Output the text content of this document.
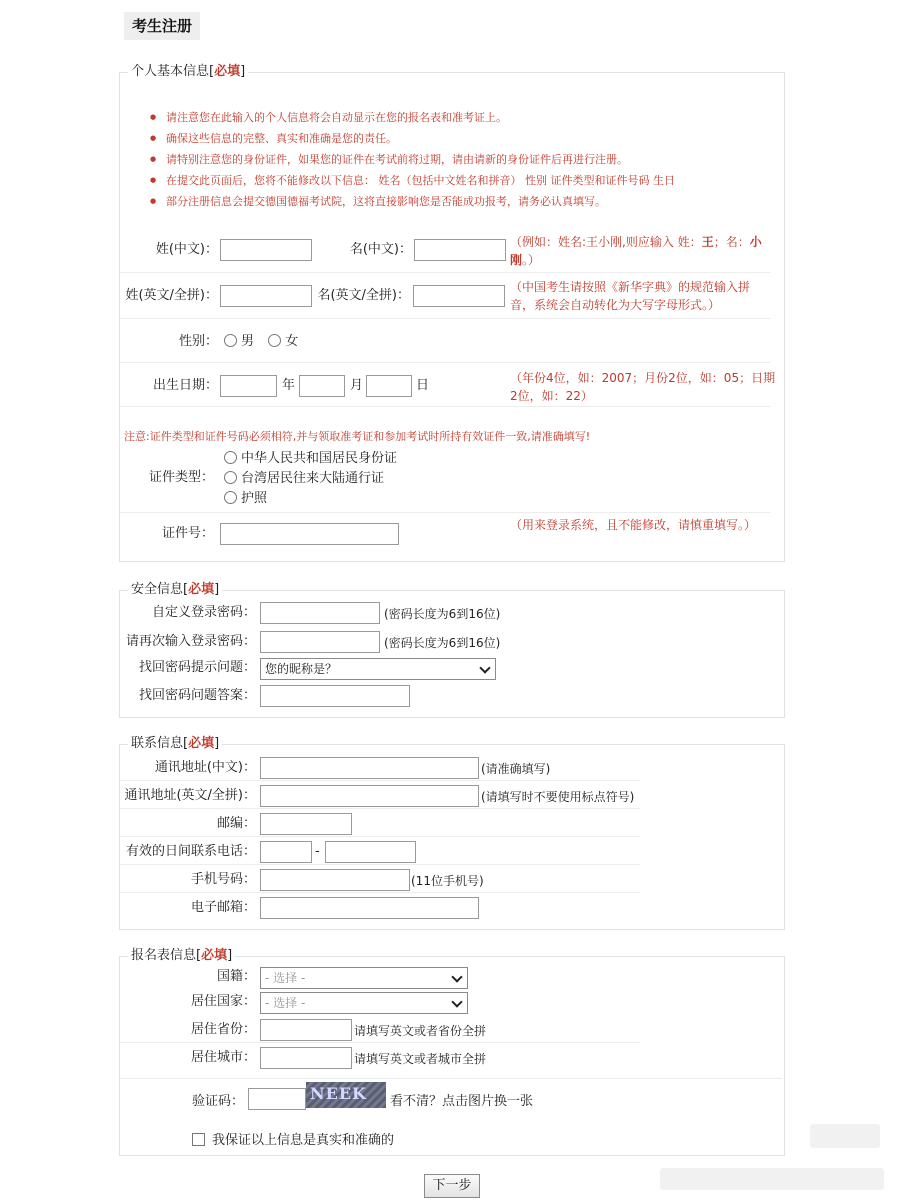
考生注册
个人基本信息[必填]
● 请注意您在此输入的个人信息将会自动显示在您的报名表和准考证上。
● 确保这些信息的完整、真实和准确是您的责任。
● 请特别注意您的身份证件，如果您的证件在考试前将过期，请由请新的身份证件后再进行注册。
● 在提交此页面后，您将不能修改以下信息： 姓名（包括中文姓名和拼音） 性别 证件类型和证件号码 生日
● 部分注册信息会提交德国德福考试院，这将直接影响您是否能成功报考，请务必认真填写。
姓(中文)：	名(中文)：	（例如：姓名:王小刚,则应输入 姓：王；名：小刚。）
姓(英文/全拼)：	名(英文/全拼)：
（中国考生请按照《新华字典》的规范输入拼音，系统会自动转化为大写字母形式。）
性别：	男 女
出生日期：	年	月	日	（年份4位，如：2007；月份2位，如：05；日期2位，如：22）
注意:证件类型和证件号码必须相符,并与领取准考证和参加考试时所持有效证件一致,请准确填写!
证件类型：
中华人民共和国居民身份证
台湾居民往来大陆通行证
护照
证件号：
（用来登录系统，且不能修改，请慎重填写。）
安全信息[必填]
自定义登录密码：	(密码长度为6到16位)
请再次输入登录密码：	(密码长度为6到16位)
找回密码提示问题： 您的昵称是？
找回密码问题答案：
联系信息[必填]
通讯地址(中文)：	(请准确填写)
通讯地址(英文/全拼)：	(请填写时不要使用标点符号)
邮编：
有效的日间联系电话：	-
手机号码：	(11位手机号)
电子邮箱：
报名表信息[必填]
国籍： - 选择 -
居住国家： - 选择 -
居住省份：	请填写英文或者省份全拼
居住城市：	请填写英文或者城市全拼
验证码：	NEEK 看不清？点击图片换一张
我保证以上信息是真实和准确的
下一步
